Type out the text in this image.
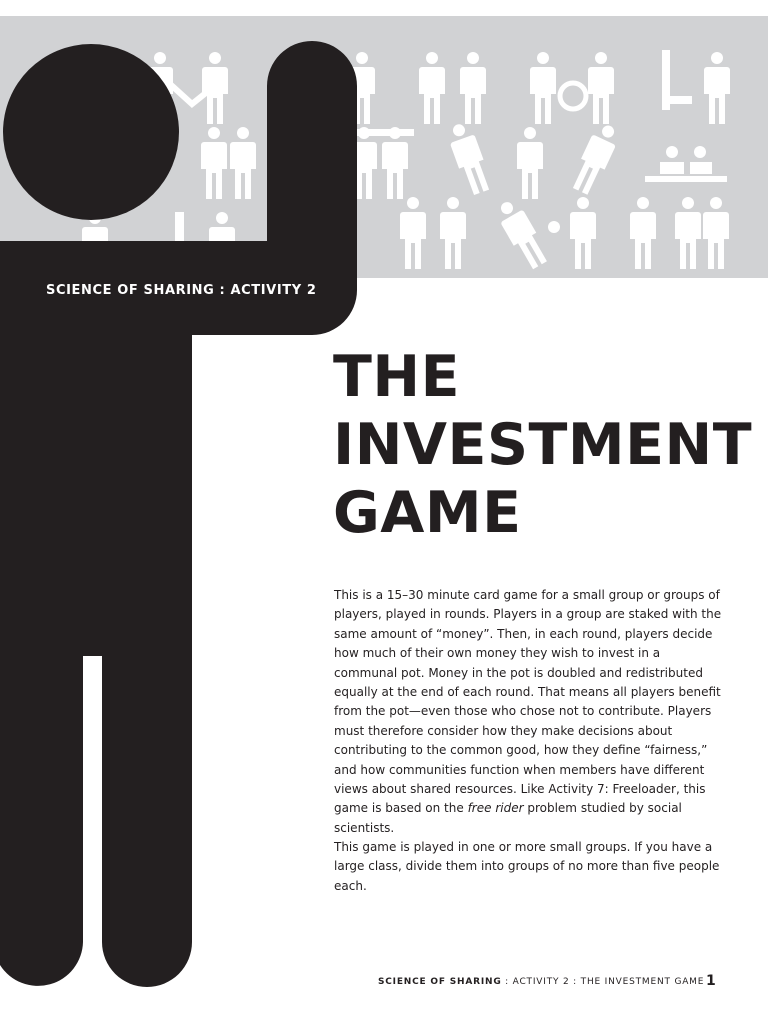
SCIENCE OF SHARING : ACTIVITY 2
THE
INVESTMENT
GAME
This is a 15–30 minute card game for a small group or groups of players, played in rounds. Players in a group are staked with the same amount of “money”. Then, in each round, players decide how much of their own money they wish to invest in a communal pot. Money in the pot is doubled and redistributed equally at the end of each round. That means all players benefit from the pot—even those who chose not to contribute. Players must therefore consider how they make decisions about contributing to the common good, how they define “fairness,” and how communities function when members have different views about shared resources. Like Activity 7: Freeloader, this game is based on the free rider problem studied by social scientists.
This game is played in one or more small groups. If you have a large class, divide them into groups of no more than five people each.
SCIENCE OF SHARING : ACTIVITY 2 : THE INVESTMENT GAME 1
